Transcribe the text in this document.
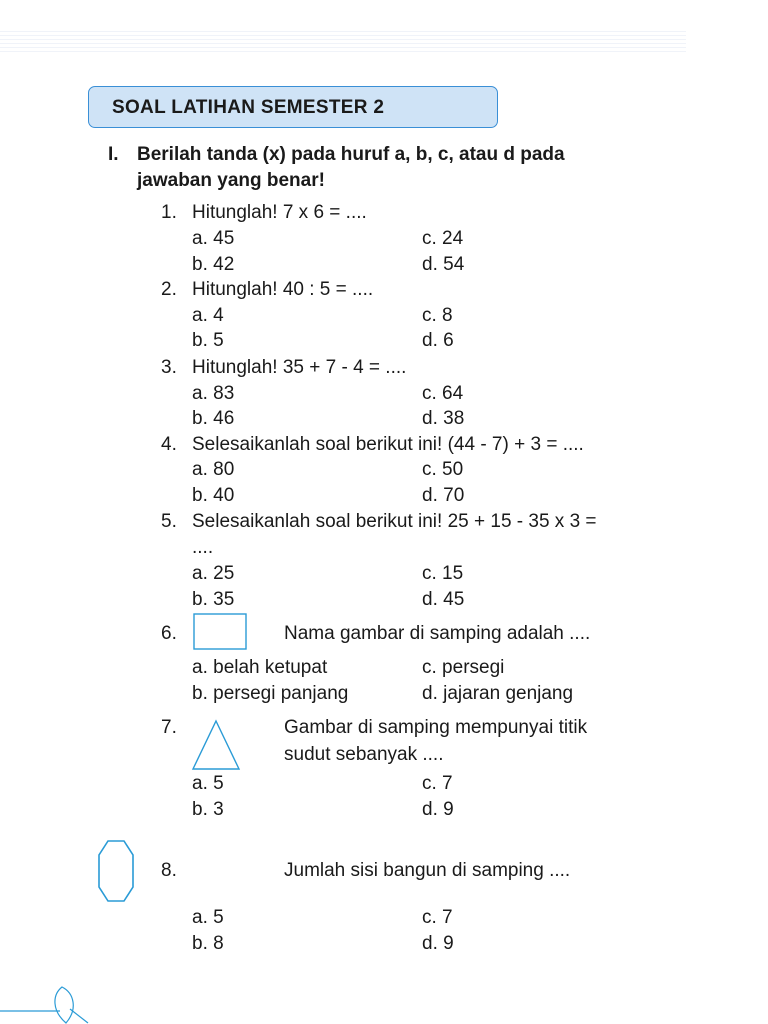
SOAL LATIHAN SEMESTER 2
I. Berilah tanda (x) pada huruf a, b, c, atau d pada
jawaban yang benar!
1. Hitunglah! 7 x 6 = ....
a. 45	c. 24
b. 42	d. 54
2. Hitunglah! 40 : 5 = ....
a. 4	c. 8
b. 5	d. 6
3. Hitunglah! 35 + 7 - 4 = ....
a. 83	c. 64
b. 46	d. 38
4. Selesaikanlah soal berikut ini! (44 - 7) + 3 = ....
a. 80	c. 50
b. 40	d. 70
5. Selesaikanlah soal berikut ini! 25 + 15 - 35 x 3 =
....
a. 25	c. 15
b. 35	d. 45
6.	Nama gambar di samping adalah ....
a. belah ketupat	c. persegi
b. persegi panjang	d. jajaran genjang
7.	Gambar di samping mempunyai titik
sudut sebanyak ....
a. 5	c. 7
b. 3	d. 9
8.	Jumlah sisi bangun di samping ....
a. 5	c. 7
b. 8	d. 9
